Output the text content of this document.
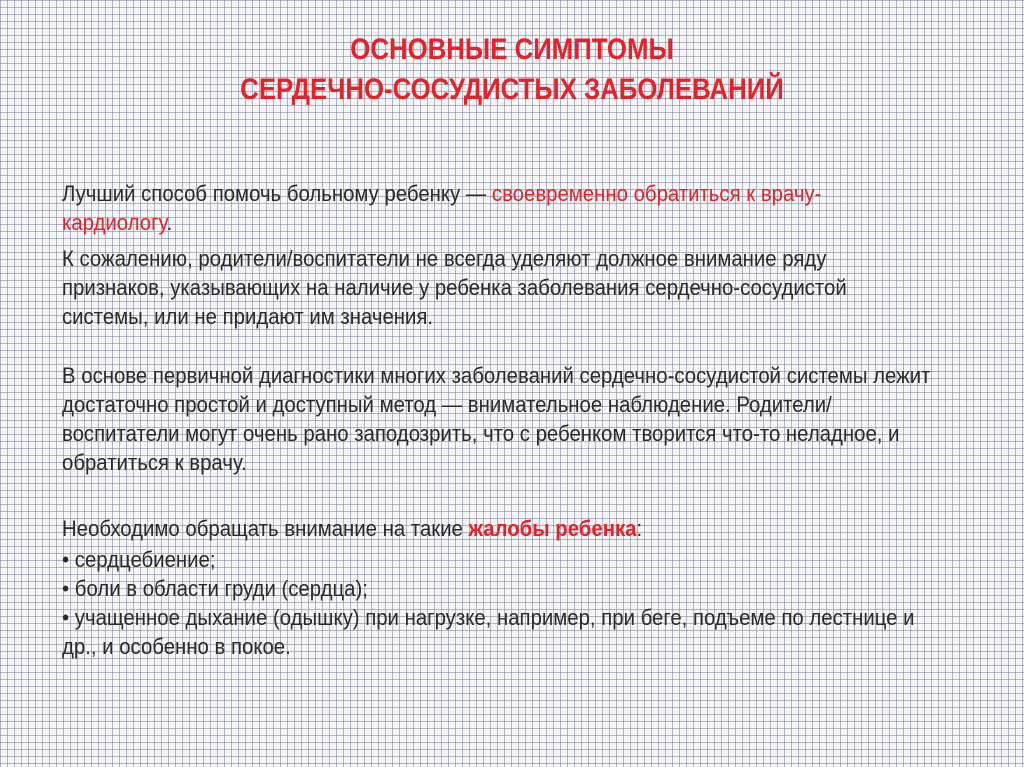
ОСНОВНЫЕ СИМПТОМЫ
СЕРДЕЧНО-СОСУДИСТЫХ ЗАБОЛЕВАНИЙ

Лучший способ помочь больному ребенку — своевременно обратиться к врачу-кардиологу.

К сожалению, родители/воспитатели не всегда уделяют должное внимание ряду признаков, указывающих на наличие у ребенка заболевания сердечно-сосудистой системы, или не придают им значения.

В основе первичной диагностики многих заболеваний сердечно-сосудистой системы лежит достаточно простой и доступный метод — внимательное наблюдение. Родители/воспитатели могут очень рано заподозрить, что с ребенком творится что-то неладное, и обратиться к врачу.

Необходимо обращать внимание на такие жалобы ребенка:

• сердцебиение;
• боли в области груди (сердца);
• учащенное дыхание (одышку) при нагрузке, например, при беге, подъеме по лестнице и др., и особенно в покое.
